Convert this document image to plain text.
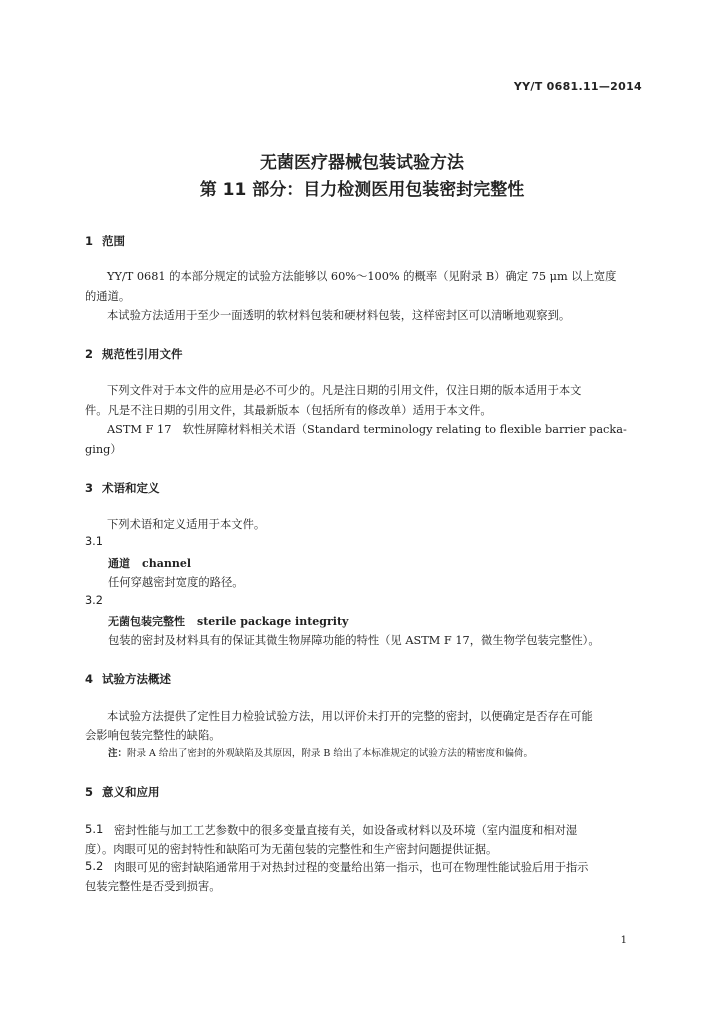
YY/T 0681.11—2014
无菌医疗器械包装试验方法
第 11 部分：目力检测医用包装密封完整性
1 范围
YY/T 0681 的本部分规定的试验方法能够以 60%～100% 的概率（见附录 B）确定 75 μm 以上宽度
的通道。
本试验方法适用于至少一面透明的软材料包装和硬材料包装，这样密封区可以清晰地观察到。
2 规范性引用文件
下列文件对于本文件的应用是必不可少的。凡是注日期的引用文件，仅注日期的版本适用于本文
件。凡是不注日期的引用文件，其最新版本（包括所有的修改单）适用于本文件。
ASTM F 17　软性屏障材料相关术语（Standard terminology relating to flexible barrier packa-
ging）
3 术语和定义
下列术语和定义适用于本文件。
3.1
通道 channel
任何穿越密封宽度的路径。
3.2
无菌包装完整性 sterile package integrity
包装的密封及材料具有的保证其微生物屏障功能的特性（见 ASTM F 17，微生物学包装完整性）。
4 试验方法概述
本试验方法提供了定性目力检验试验方法，用以评价未打开的完整的密封，以便确定是否存在可能
会影响包装完整性的缺陷。
注：附录 A 给出了密封的外观缺陷及其原因，附录 B 给出了本标准规定的试验方法的精密度和偏倚。
5 意义和应用
5.1 密封性能与加工工艺参数中的很多变量直接有关，如设备或材料以及环境（室内温度和相对湿
度）。肉眼可见的密封特性和缺陷可为无菌包装的完整性和生产密封问题提供证据。
5.2 肉眼可见的密封缺陷通常用于对热封过程的变量给出第一指示，也可在物理性能试验后用于指示
包装完整性是否受到损害。
1
